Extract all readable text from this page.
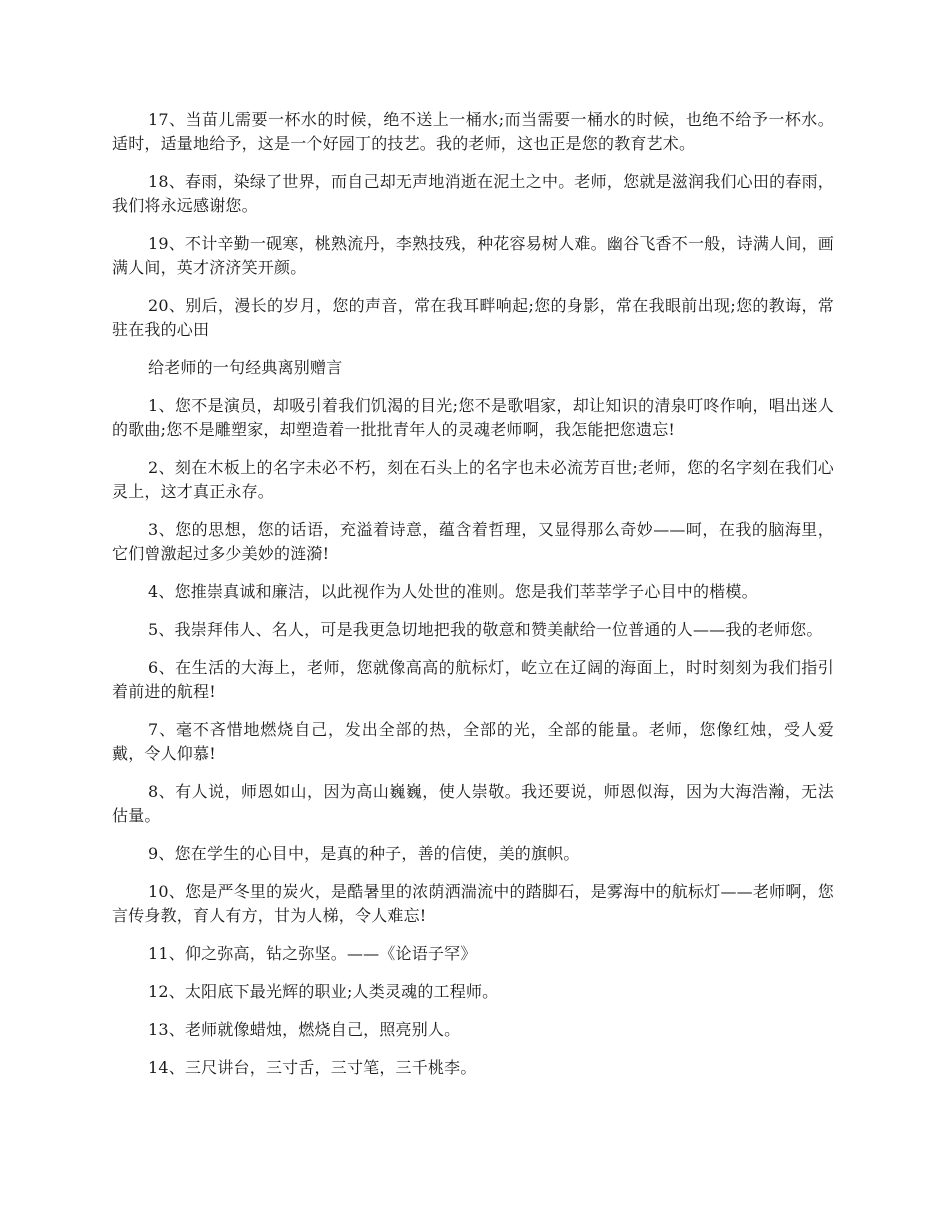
17、当苗儿需要一杯水的时候，绝不送上一桶水;而当需要一桶水的时候，也绝不给予一杯水。适时，适量地给予，这是一个好园丁的技艺。我的老师，这也正是您的教育艺术。

18、春雨，染绿了世界，而自己却无声地消逝在泥土之中。老师，您就是滋润我们心田的春雨，我们将永远感谢您。

19、不计辛勤一砚寒，桃熟流丹，李熟技残，种花容易树人难。幽谷飞香不一般，诗满人间，画满人间，英才济济笑开颜。

20、别后，漫长的岁月，您的声音，常在我耳畔响起;您的身影，常在我眼前出现;您的教诲，常驻在我的心田

给老师的一句经典离别赠言

1、您不是演员，却吸引着我们饥渴的目光;您不是歌唱家，却让知识的清泉叮咚作响，唱出迷人的歌曲;您不是雕塑家，却塑造着一批批青年人的灵魂老师啊，我怎能把您遗忘!

2、刻在木板上的名字未必不朽，刻在石头上的名字也未必流芳百世;老师，您的名字刻在我们心灵上，这才真正永存。

3、您的思想，您的话语，充溢着诗意，蕴含着哲理，又显得那么奇妙——呵，在我的脑海里，它们曾激起过多少美妙的涟漪!

4、您推崇真诚和廉洁，以此视作为人处世的准则。您是我们莘莘学子心目中的楷模。

5、我崇拜伟人、名人，可是我更急切地把我的敬意和赞美献给一位普通的人——我的老师您。

6、在生活的大海上，老师，您就像高高的航标灯，屹立在辽阔的海面上，时时刻刻为我们指引着前进的航程!

7、毫不吝惜地燃烧自己，发出全部的热，全部的光，全部的能量。老师，您像红烛，受人爱戴，令人仰慕!

8、有人说，师恩如山，因为高山巍巍，使人崇敬。我还要说，师恩似海，因为大海浩瀚，无法估量。

9、您在学生的心目中，是真的种子，善的信使，美的旗帜。

10、您是严冬里的炭火，是酷暑里的浓荫洒湍流中的踏脚石，是雾海中的航标灯——老师啊，您言传身教，育人有方，甘为人梯，令人难忘!

11、仰之弥高，钻之弥坚。——《论语子罕》

12、太阳底下最光辉的职业;人类灵魂的工程师。

13、老师就像蜡烛，燃烧自己，照亮别人。

14、三尺讲台，三寸舌，三寸笔，三千桃李。
